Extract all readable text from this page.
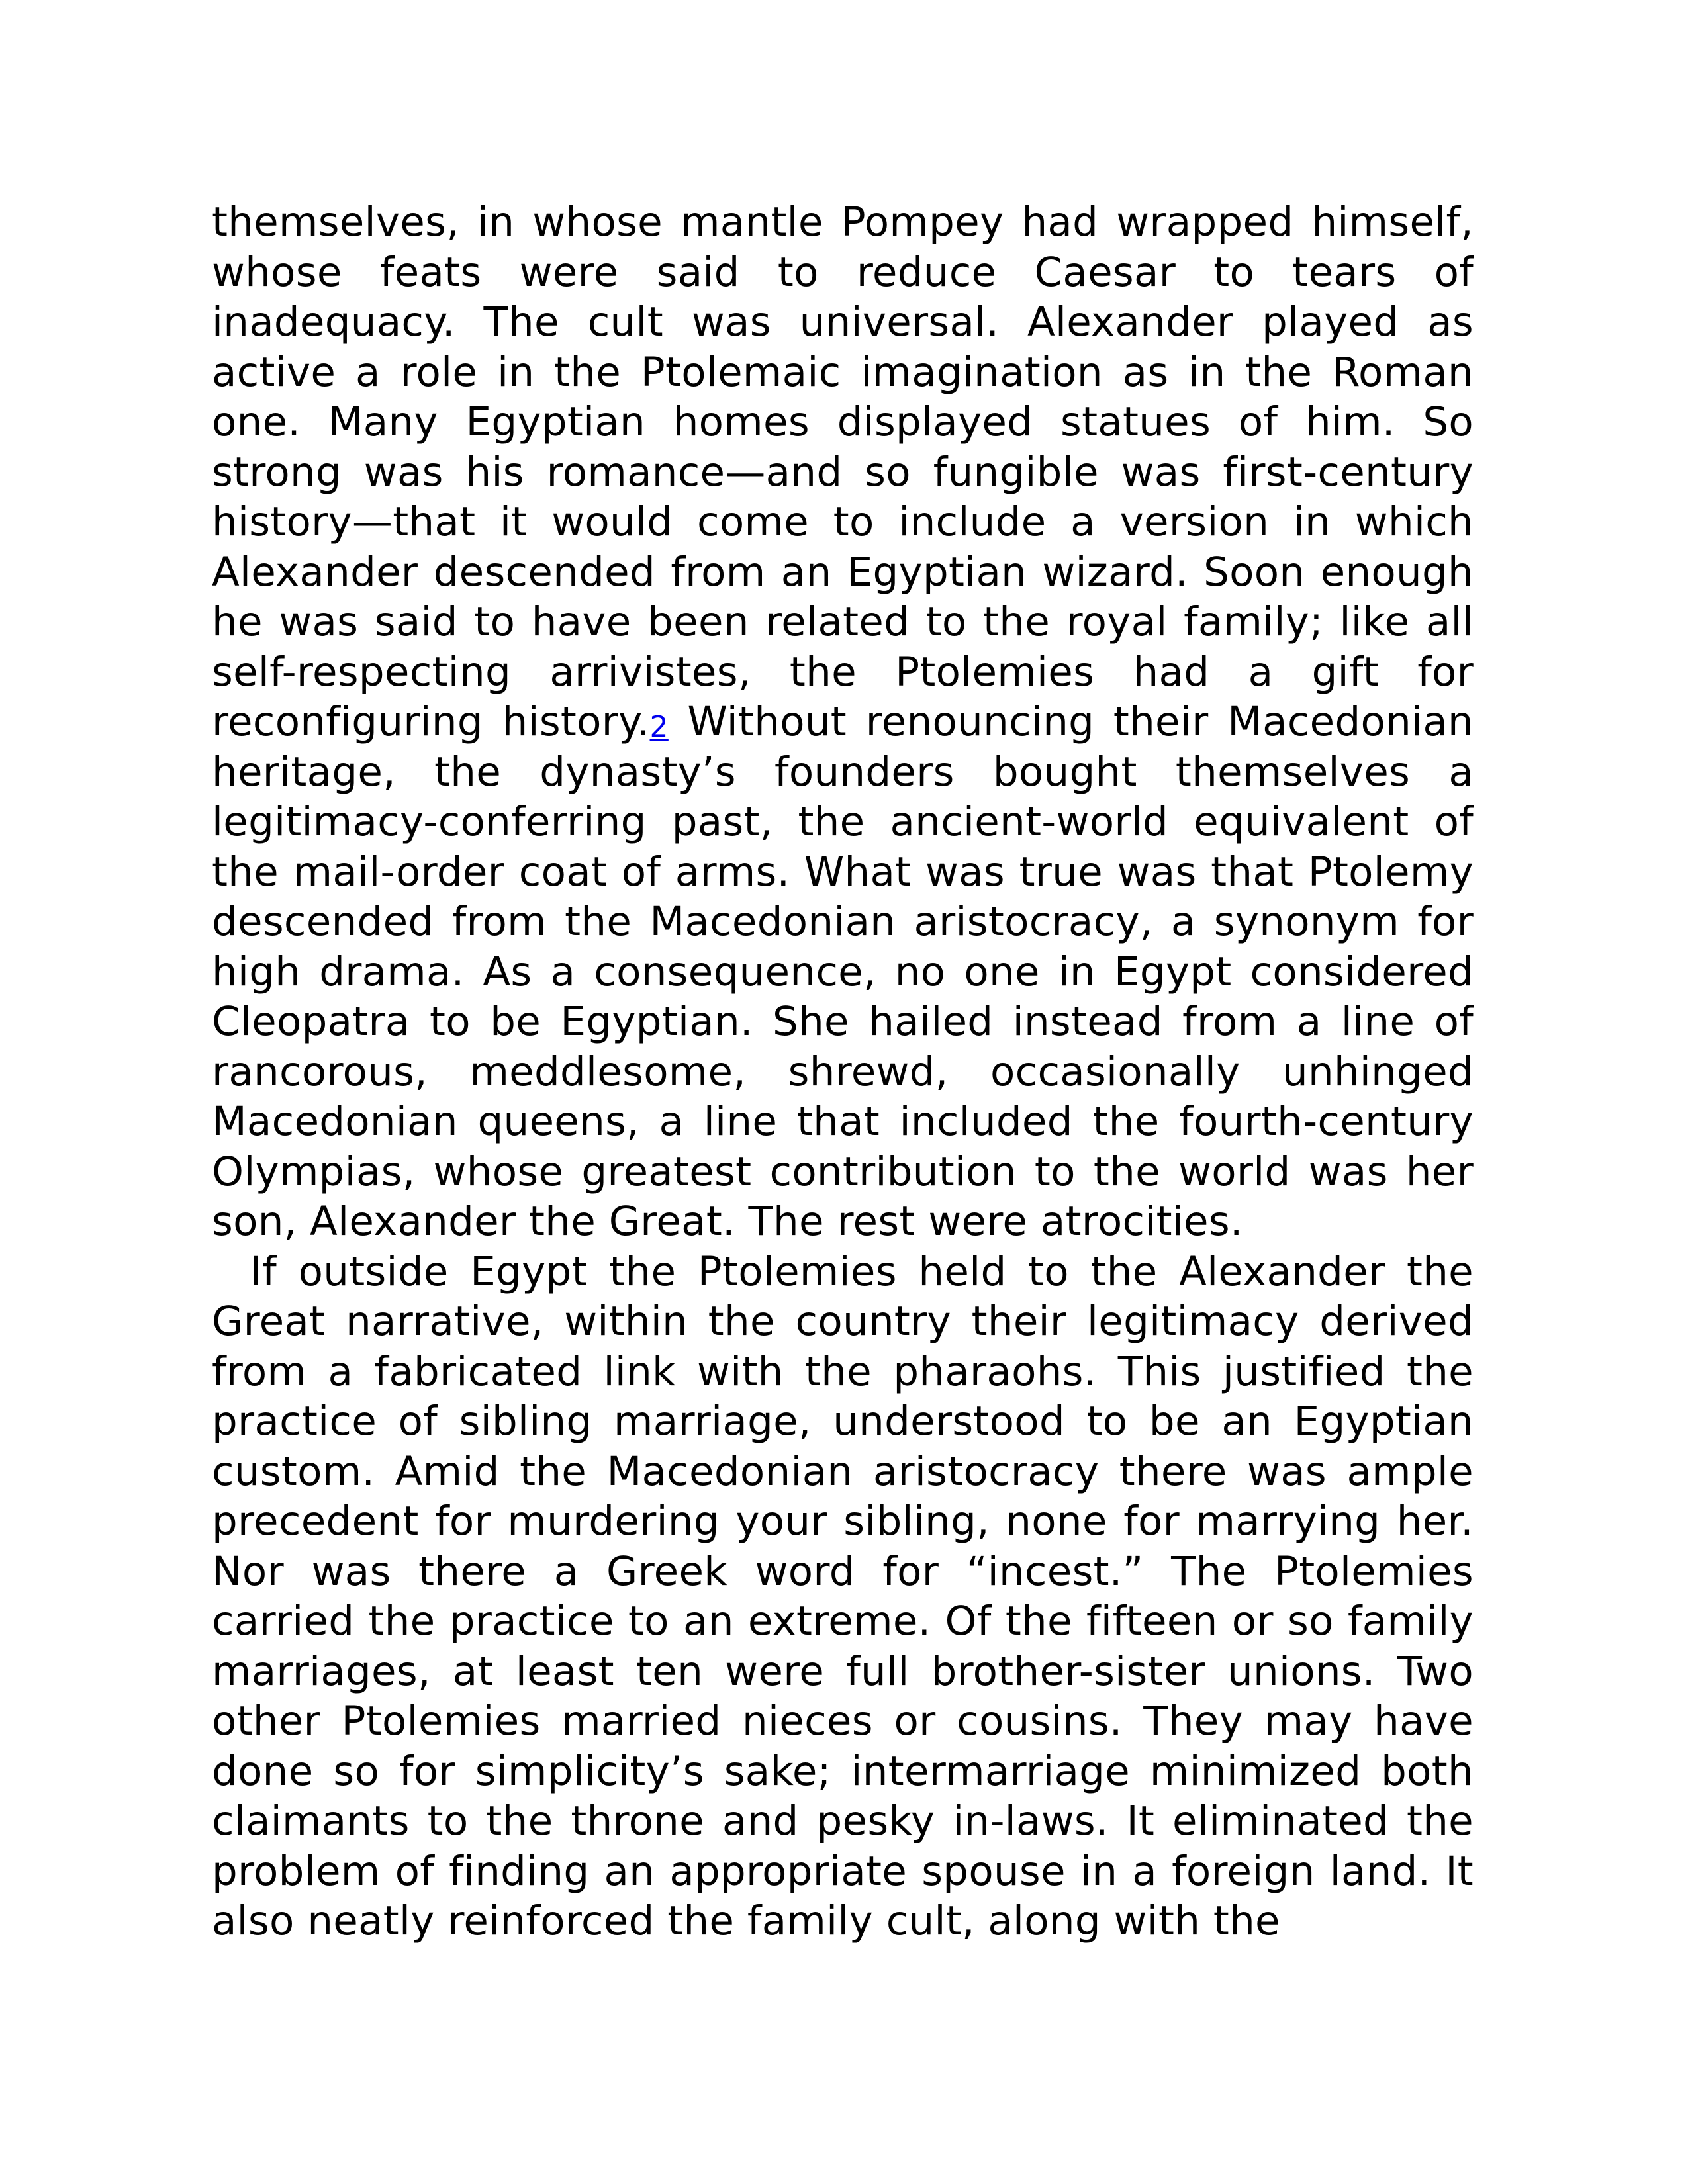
themselves, in whose mantle Pompey had wrapped himself, whose feats were said to reduce Caesar to tears of inadequacy. The cult was universal. Alexander played as active a role in the Ptolemaic imagination as in the Roman one. Many Egyptian homes displayed statues of him. So strong was his romance—and so fungible was first-century history—that it would come to include a version in which Alexander descended from an Egyptian wizard. Soon enough he was said to have been related to the royal family; like all self-respecting arrivistes, the Ptolemies had a gift for reconfiguring history.2 Without renouncing their Macedonian heritage, the dynasty’s founders bought themselves a legitimacy-conferring past, the ancient-world equivalent of the mail-order coat of arms. What was true was that Ptolemy descended from the Macedonian aristocracy, a synonym for high drama. As a consequence, no one in Egypt considered Cleopatra to be Egyptian. She hailed instead from a line of rancorous, meddlesome, shrewd, occasionally unhinged Macedonian queens, a line that included the fourth-century Olympias, whose greatest contribution to the world was her son, Alexander the Great. The rest were atrocities.

If outside Egypt the Ptolemies held to the Alexander the Great narrative, within the country their legitimacy derived from a fabricated link with the pharaohs. This justified the practice of sibling marriage, understood to be an Egyptian custom. Amid the Macedonian aristocracy there was ample precedent for murdering your sibling, none for marrying her. Nor was there a Greek word for “incest.” The Ptolemies carried the practice to an extreme. Of the fifteen or so family marriages, at least ten were full brother-sister unions. Two other Ptolemies married nieces or cousins. They may have done so for simplicity’s sake; intermarriage minimized both claimants to the throne and pesky in-laws. It eliminated the problem of finding an appropriate spouse in a foreign land. It also neatly reinforced the family cult, along with the
